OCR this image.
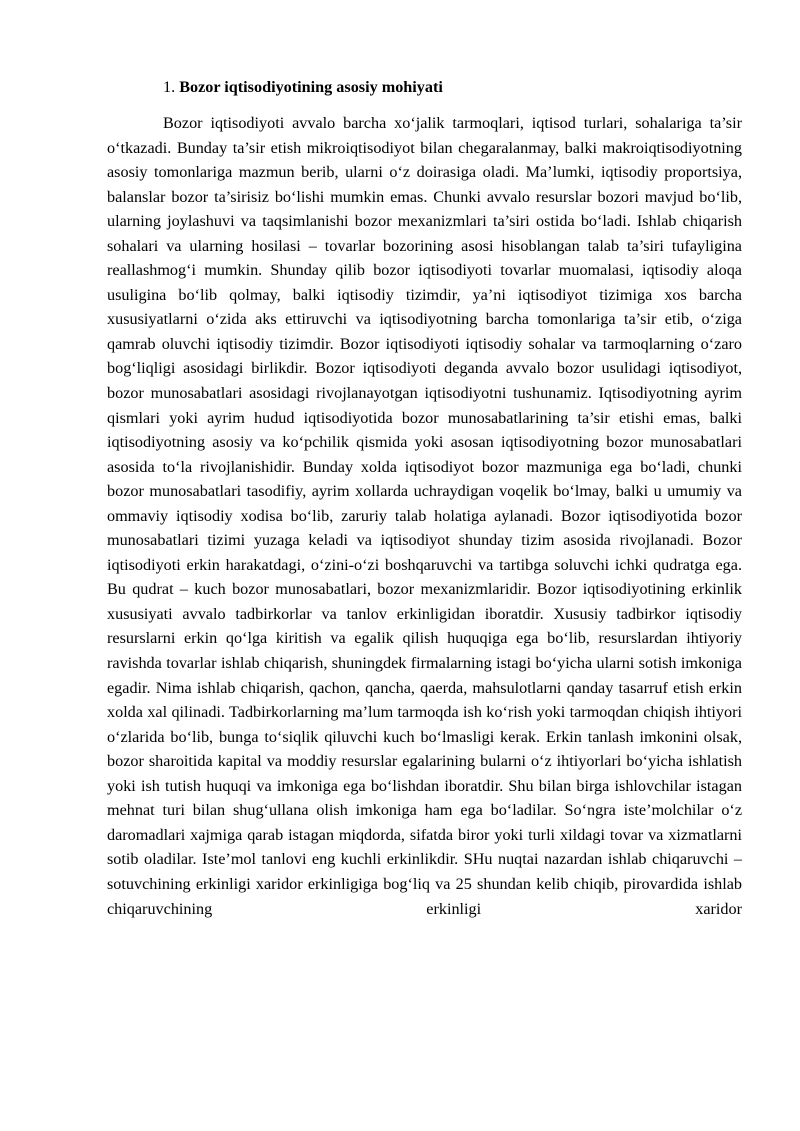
1. Bozor iqtisodiyotining asosiy mohiyati

Bozor iqtisodiyoti avvalo barcha xo‘jalik tarmoqlari, iqtisod turlari, sohalariga ta’sir o‘tkazadi. Bunday ta’sir etish mikroiqtisodiyot bilan chegaralanmay, balki makroiqtisodiyotning asosiy tomonlariga mazmun berib, ularni o‘z doirasiga oladi. Ma’lumki, iqtisodiy proportsiya, balanslar bozor ta’sirisiz bo‘lishi mumkin emas. Chunki avvalo resurslar bozori mavjud bo‘lib, ularning joylashuvi va taqsimlanishi bozor mexanizmlari ta’siri ostida bo‘ladi. Ishlab chiqarish sohalari va ularning hosilasi – tovarlar bozorining asosi hisoblangan talab ta’siri tufayligina reallashmog‘i mumkin. Shunday qilib bozor iqtisodiyoti tovarlar muomalasi, iqtisodiy aloqa usuligina bo‘lib qolmay, balki iqtisodiy tizimdir, ya’ni iqtisodiyot tizimiga xos barcha xususiyatlarni o‘zida aks ettiruvchi va iqtisodiyotning barcha tomonlariga ta’sir etib, o‘ziga qamrab oluvchi iqtisodiy tizimdir. Bozor iqtisodiyoti iqtisodiy sohalar va tarmoqlarning o‘zaro bog‘liqligi asosidagi birlikdir. Bozor iqtisodiyoti deganda avvalo bozor usulidagi iqtisodiyot, bozor munosabatlari asosidagi rivojlanayotgan iqtisodiyotni tushunamiz. Iqtisodiyotning ayrim qismlari yoki ayrim hudud iqtisodiyotida bozor munosabatlarining ta’sir etishi emas, balki iqtisodiyotning asosiy va ko‘pchilik qismida yoki asosan iqtisodiyotning bozor munosabatlari asosida to‘la rivojlanishidir. Bunday xolda iqtisodiyot bozor mazmuniga ega bo‘ladi, chunki bozor munosabatlari tasodifiy, ayrim xollarda uchraydigan voqelik bo‘lmay, balki u umumiy va ommaviy iqtisodiy xodisa bo‘lib, zaruriy talab holatiga aylanadi. Bozor iqtisodiyotida bozor munosabatlari tizimi yuzaga keladi va iqtisodiyot shunday tizim asosida rivojlanadi. Bozor iqtisodiyoti erkin harakatdagi, o‘zini-o‘zi boshqaruvchi va tartibga soluvchi ichki qudratga ega. Bu qudrat – kuch bozor munosabatlari, bozor mexanizmlaridir. Bozor iqtisodiyotining erkinlik xususiyati avvalo tadbirkorlar va tanlov erkinligidan iboratdir. Xususiy tadbirkor iqtisodiy resurslarni erkin qo‘lga kiritish va egalik qilish huquqiga ega bo‘lib, resurslardan ihtiyoriy ravishda tovarlar ishlab chiqarish, shuningdek firmalarning istagi bo‘yicha ularni sotish imkoniga egadir. Nima ishlab chiqarish, qachon, qancha, qaerda, mahsulotlarni qanday tasarruf etish erkin xolda xal qilinadi. Tadbirkorlarning ma’lum tarmoqda ish ko‘rish yoki tarmoqdan chiqish ihtiyori o‘zlarida bo‘lib, bunga to‘siqlik qiluvchi kuch bo‘lmasligi kerak. Erkin tanlash imkonini olsak, bozor sharoitida kapital va moddiy resurslar egalarining bularni o‘z ihtiyorlari bo‘yicha ishlatish yoki ish tutish huquqi va imkoniga ega bo‘lishdan iboratdir. Shu bilan birga ishlovchilar istagan mehnat turi bilan shug‘ullana olish imkoniga ham ega bo‘ladilar. So‘ngra iste’molchilar o‘z daromadlari xajmiga qarab istagan miqdorda, sifatda biror yoki turli xildagi tovar va xizmatlarni sotib oladilar. Iste’mol tanlovi eng kuchli erkinlikdir. SHu nuqtai nazardan ishlab chiqaruvchi – sotuvchining erkinligi xaridor erkinligiga bog‘liq va 25 shundan kelib chiqib, pirovardida ishlab chiqaruvchining erkinligi xaridor
